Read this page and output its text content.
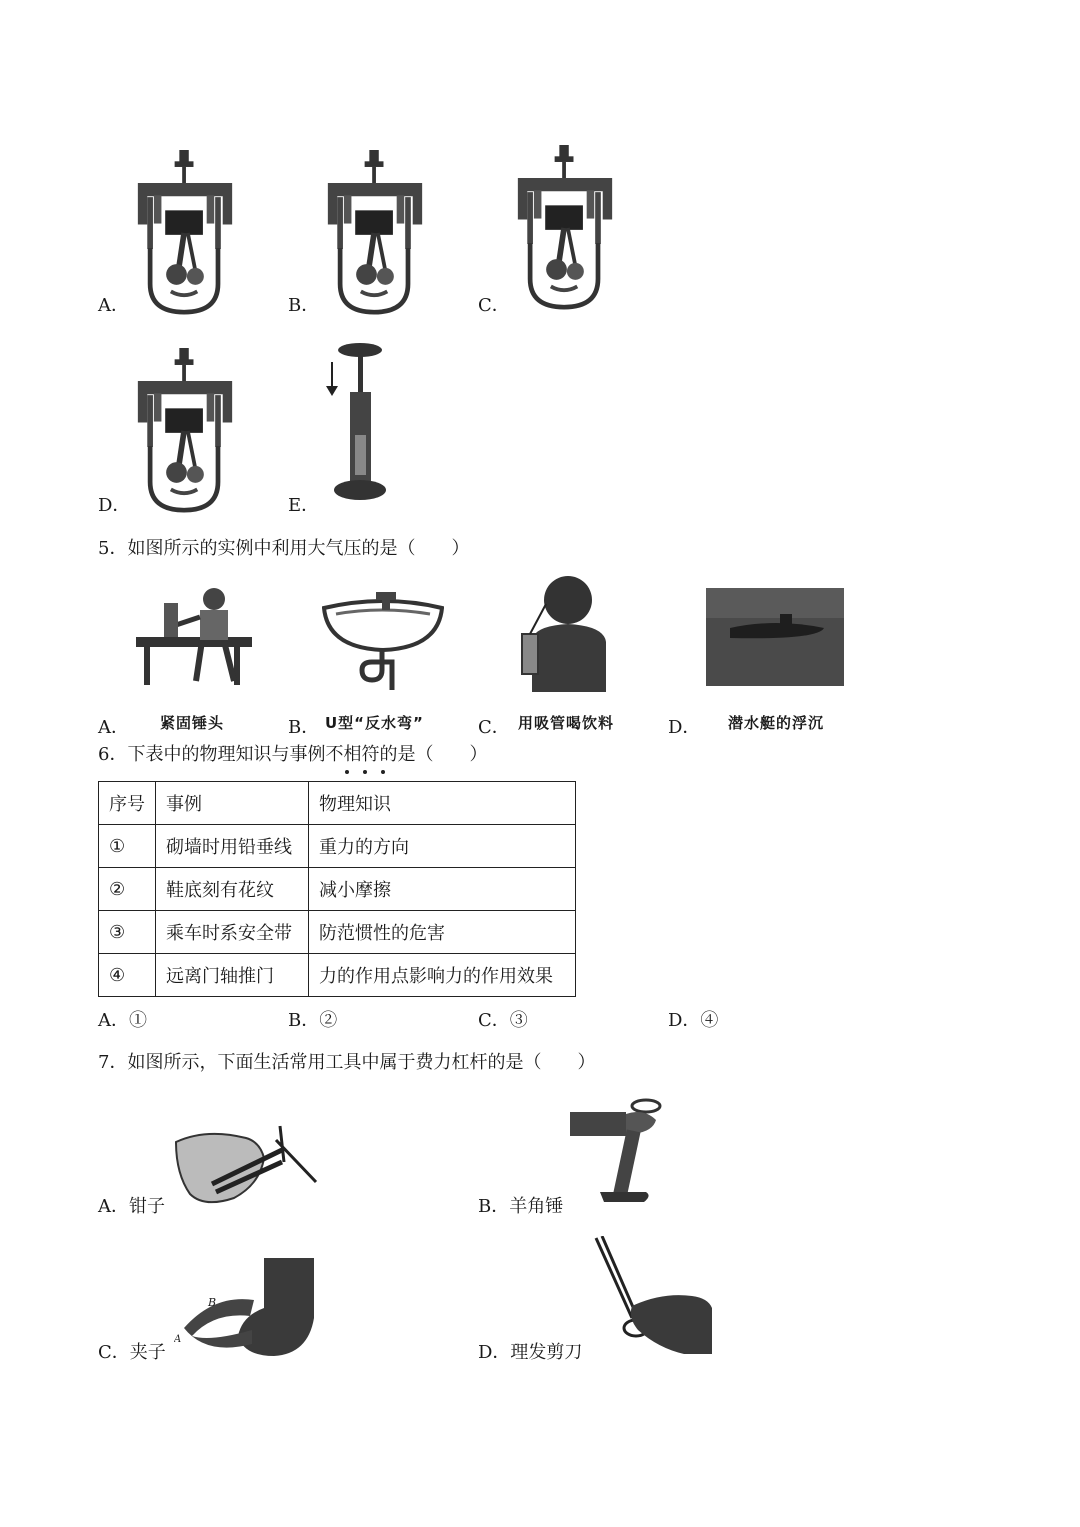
A．	B．	C．
D．	E．
5．如图所示的实例中利用大气压的是（　　）
A． 紧固锤头	B． U型“反水弯”	C． 用吸管喝饮料	D． 潜水艇的浮沉
6．下表中的物理知识与事例不相符的是（　　）
序号	事例	物理知识
①	砌墙时用铅垂线	重力的方向
②	鞋底刻有花纹	减小摩擦
③	乘车时系安全带	防范惯性的危害
④	远离门轴推门	力的作用点影响力的作用效果
A．①	B．②	C．③	D．④
7．如图所示，下面生活常用工具中属于费力杠杆的是（　　）
A．钳子	B．羊角锤
B
A
C．夹子	D．理发剪刀
